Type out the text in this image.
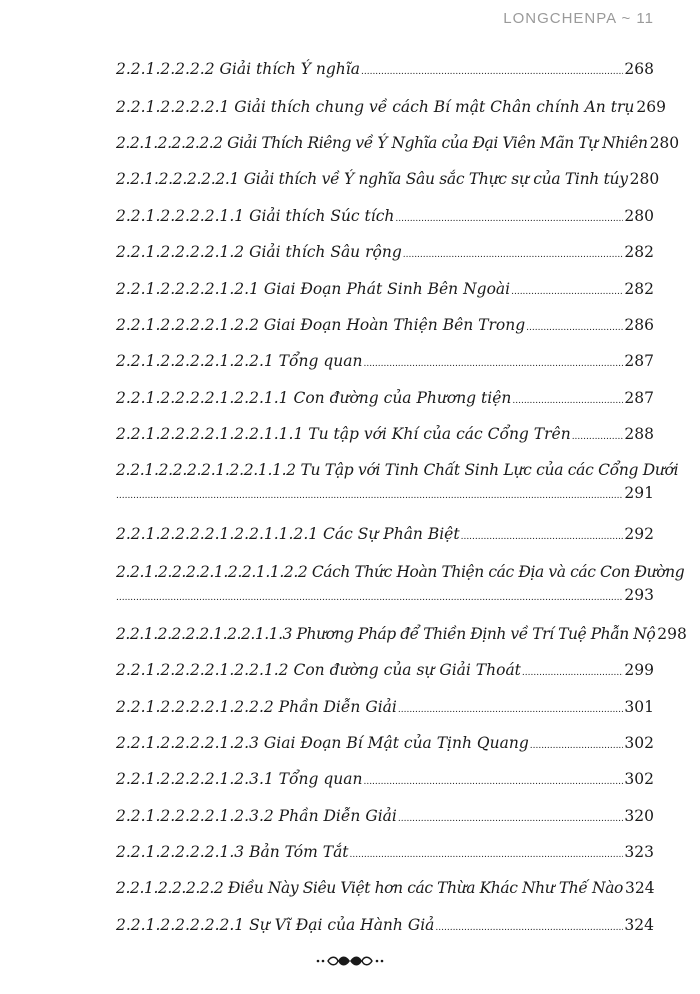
LONGCHENPA ~ 11
2.2.1.2.2.2.2 Giải thích Ý nghĩa .....	268
2.2.1.2.2.2.2.1 Giải thích chung về cách Bí mật Chân chính An trụ 269
2.2.1.2.2.2.2.2 Giải Thích Riêng về Ý Nghĩa của Đại Viên Mãn Tự Nhiên 280
2.2.1.2.2.2.2.2.1 Giải thích về Ý nghĩa Sâu sắc Thực sự của Tinh túy 280
2.2.1.2.2.2.2.1.1 Giải thích Súc tích .....	280
2.2.1.2.2.2.2.1.2 Giải thích Sâu rộng .....	282
2.2.1.2.2.2.2.1.2.1 Giai Đoạn Phát Sinh Bên Ngoài .....	282
2.2.1.2.2.2.2.1.2.2 Giai Đoạn Hoàn Thiện Bên Trong .....	286
2.2.1.2.2.2.2.1.2.2.1 Tổng quan .....	287
2.2.1.2.2.2.2.1.2.2.1.1 Con đường của Phương tiện .....	287
2.2.1.2.2.2.2.1.2.2.1.1.1 Tu tập với Khí của các Cổng Trên .....	288
2.2.1.2.2.2.2.1.2.2.1.1.2 Tu Tập với Tinh Chất Sinh Lực của các Cổng Dưới
.....
291
2.2.1.2.2.2.2.1.2.2.1.1.2.1 Các Sự Phân Biệt .....	292
2.2.1.2.2.2.2.1.2.2.1.1.2.2 Cách Thức Hoàn Thiện các Địa và các Con Đường
.....
293
2.2.1.2.2.2.2.1.2.2.1.1.3 Phương Pháp để Thiền Định về Trí Tuệ Phẫn Nộ 298
2.2.1.2.2.2.2.1.2.2.1.2 Con đường của sự Giải Thoát .....	299
2.2.1.2.2.2.2.1.2.2.2 Phần Diễn Giải .....	301
2.2.1.2.2.2.2.1.2.3 Giai Đoạn Bí Mật của Tịnh Quang .....	302
2.2.1.2.2.2.2.1.2.3.1 Tổng quan .....	302
2.2.1.2.2.2.2.1.2.3.2 Phần Diễn Giải .....	320
2.2.1.2.2.2.2.1.3 Bản Tóm Tắt .....	323
2.2.1.2.2.2.2.2 Điều Này Siêu Việt hơn các Thừa Khác Như Thế Nào 324
2.2.1.2.2.2.2.2.1 Sự Vĩ Đại của Hành Giả .....	324
